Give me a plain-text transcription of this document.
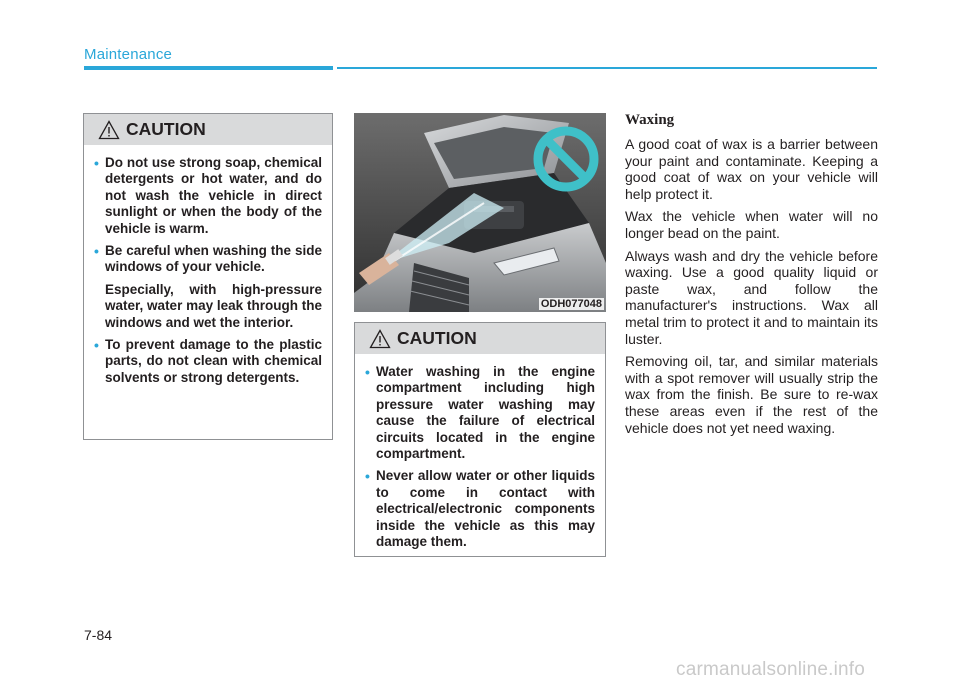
Maintenance
CAUTION
• Do not use strong soap, chemical detergents or hot water, and do not wash the vehicle in direct sunlight or when the body of the vehicle is warm.

• Be careful when washing the side windows of your vehicle.

Especially, with high-pressure water, water may leak through the windows and wet the interior.

• To prevent damage to the plastic parts, do not clean with chemical solvents or strong detergents.

ODH077048
CAUTION
• Water washing in the engine compartment including high pressure water washing may cause the failure of electrical circuits located in the engine compartment.

• Never allow water or other liquids to come in contact with electrical/electronic components inside the vehicle as this may damage them.

Waxing

A good coat of wax is a barrier between your paint and contaminate. Keeping a good coat of wax on your vehicle will help protect it.

Wax the vehicle when water will no longer bead on the paint.

Always wash and dry the vehicle before waxing. Use a good quality liquid or paste wax, and follow the manufacturer's instructions. Wax all metal trim to protect it and to maintain its luster.

Removing oil, tar, and similar materials with a spot remover will usually strip the wax from the finish. Be sure to re-wax these areas even if the rest of the vehicle does not yet need waxing.

7-84
carmanualsonline.info
